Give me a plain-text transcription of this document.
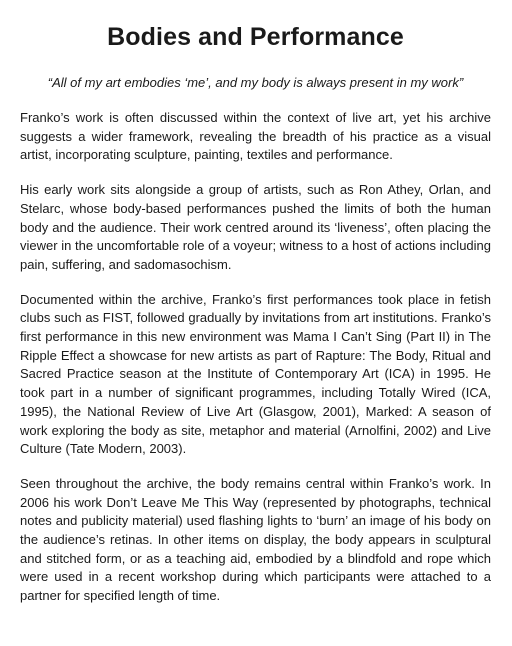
Bodies and Performance

“All of my art embodies ‘me’, and my body is always present in my work”

Franko’s work is often discussed within the context of live art, yet his archive suggests a wider framework, revealing the breadth of his practice as a visual artist, incorporating sculpture, painting, textiles and performance.

His early work sits alongside a group of artists, such as Ron Athey, Orlan, and Stelarc, whose body-based performances pushed the limits of both the human body and the audience. Their work centred around its ‘liveness’, often placing the viewer in the uncomfortable role of a voyeur; witness to a host of actions including pain, suffering, and sadomasochism.

Documented within the archive, Franko’s first performances took place in fetish clubs such as FIST, followed gradually by invitations from art institutions. Franko’s first performance in this new environment was Mama I Can’t Sing (Part II) in The Ripple Effect a showcase for new artists as part of Rapture: The Body, Ritual and Sacred Practice season at the Institute of Contemporary Art (ICA) in 1995. He took part in a number of significant programmes, including Totally Wired (ICA, 1995), the National Review of Live Art (Glasgow, 2001), Marked: A season of work exploring the body as site, metaphor and material (Arnolfini, 2002) and Live Culture (Tate Modern, 2003).

Seen throughout the archive, the body remains central within Franko’s work. In 2006 his work Don’t Leave Me This Way (represented by photographs, technical notes and publicity material) used flashing lights to ‘burn’ an image of his body on the audience’s retinas. In other items on display, the body appears in sculptural and stitched form, or as a teaching aid, embodied by a blindfold and rope which were used in a recent workshop during which participants were attached to a partner for specified length of time.
